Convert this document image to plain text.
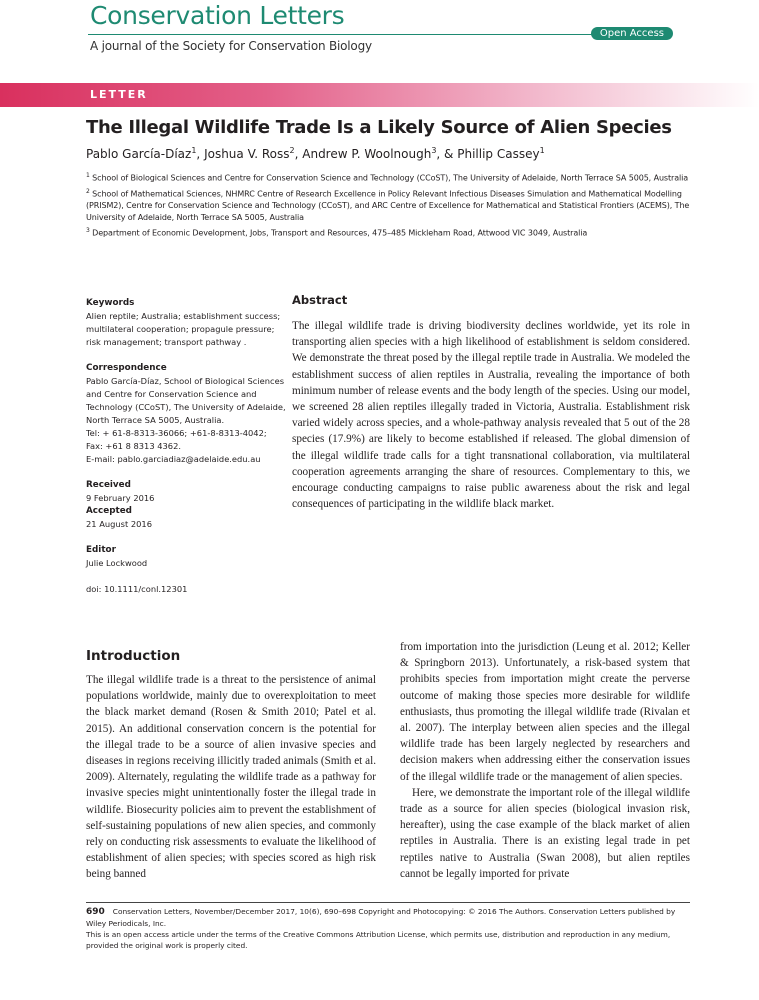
Conservation Letters
Open Access
A journal of the Society for Conservation Biology
LETTER
The Illegal Wildlife Trade Is a Likely Source of Alien Species
Pablo García-Díaz$^1$, Joshua V. Ross$^2$, Andrew P. Woolnough$^3$, & Phillip Cassey$^1$

$^1$ School of Biological Sciences and Centre for Conservation Science and Technology (CCoST), The University of Adelaide, North Terrace SA 5005, Australia

$^2$ School of Mathematical Sciences, NHMRC Centre of Research Excellence in Policy Relevant Infectious Diseases Simulation and Mathematical Modelling (PRISM2), Centre for Conservation Science and Technology (CCoST), and ARC Centre of Excellence for Mathematical and Statistical Frontiers (ACEMS), The University of Adelaide, North Terrace SA 5005, Australia

$^3$ Department of Economic Development, Jobs, Transport and Resources, 475–485 Mickleham Road, Attwood VIC 3049, Australia

Keywords

Alien reptile; Australia; establishment success; multilateral cooperation; propagule pressure; risk management; transport pathway .

Correspondence

Pablo García-Díaz, School of Biological Sciences

and Centre for Conservation Science and

Technology (CCoST), The University of Adelaide,

North Terrace SA 5005, Australia.

Tel: + 61-8-8313-36066; +61-8-8313-4042;

Fax: +61 8 8313 4362.

E-mail: pablo.garciadiaz@adelaide.edu.au

Received

9 February 2016

Accepted

21 August 2016

Editor

Julie Lockwood

doi: 10.1111/conl.12301

Abstract

The illegal wildlife trade is driving biodiversity declines worldwide, yet its role in transporting alien species with a high likelihood of establishment is seldom considered. We demonstrate the threat posed by the illegal reptile trade in Australia. We modeled the establishment success of alien reptiles in Australia, revealing the importance of both minimum number of release events and the body length of the species. Using our model, we screened 28 alien reptiles illegally traded in Victoria, Australia. Establishment risk varied widely across species, and a whole-pathway analysis revealed that 5 out of the 28 species (17.9%) are likely to become established if released. The global dimension of the illegal wildlife trade calls for a tight transnational collaboration, via multilateral cooperation agreements arranging the share of resources. Complementary to this, we encourage conducting campaigns to raise public awareness about the risk and legal consequences of participating in the wildlife black market.

Introduction

The illegal wildlife trade is a threat to the persistence of animal populations worldwide, mainly due to overexploitation to meet the black market demand (Rosen & Smith 2010; Patel et al. 2015). An additional conservation concern is the potential for the illegal trade to be a source of alien invasive species and diseases in regions receiving illicitly traded animals (Smith et al. 2009). Alternately, regulating the wildlife trade as a pathway for invasive species might unintentionally foster the illegal trade in wildlife. Biosecurity policies aim to prevent the establishment of self-sustaining populations of new alien species, and commonly rely on conducting risk assessments to evaluate the likelihood of establishment of alien species; with species scored as high risk being banned

from importation into the jurisdiction (Leung et al. 2012; Keller & Springborn 2013). Unfortunately, a risk-based system that prohibits species from importation might create the perverse outcome of making those species more desirable for wildlife enthusiasts, thus promoting the illegal wildlife trade (Rivalan et al. 2007). The interplay between alien species and the illegal wildlife trade has been largely neglected by researchers and decision makers when addressing either the conservation issues of the illegal wildlife trade or the management of alien species.

Here, we demonstrate the important role of the illegal wildlife trade as a source for alien species (biological invasion risk, hereafter), using the case example of the black market of alien reptiles in Australia. There is an existing legal trade in pet reptiles native to Australia (Swan 2008), but alien reptiles cannot be legally imported for private

690 Conservation Letters, November/December 2017, 10(6), 690–698 Copyright and Photocopying: © 2016 The Authors. Conservation Letters published by Wiley Periodicals, Inc.

This is an open access article under the terms of the Creative Commons Attribution License, which permits use, distribution and reproduction in any medium, provided the original work is properly cited.
